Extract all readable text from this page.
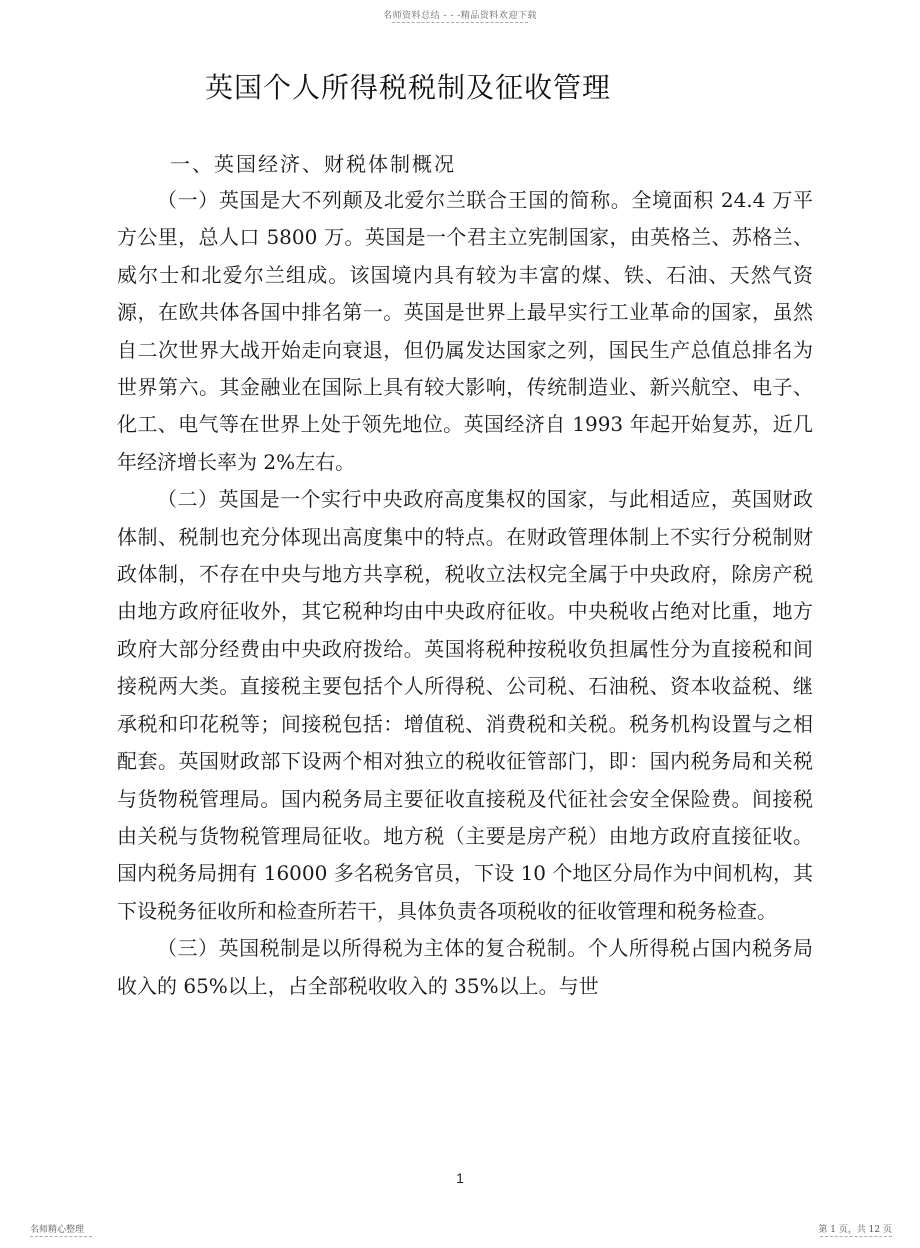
名师资料总结 - - -精品资料欢迎下载
英国个人所得税税制及征收管理
一、英国经济、财税体制概况

（一）英国是大不列颠及北爱尔兰联合王国的简称。全境面积 24.4 万平方公里，总人口 5800 万。英国是一个君主立宪制国家，由英格兰、苏格兰、威尔士和北爱尔兰组成。该国境内具有较为丰富的煤、铁、石油、天然气资源，在欧共体各国中排名第一。英国是世界上最早实行工业革命的国家，虽然自二次世界大战开始走向衰退，但仍属发达国家之列，国民生产总值总排名为世界第六。其金融业在国际上具有较大影响，传统制造业、新兴航空、电子、化工、电气等在世界上处于领先地位。英国经济自 1993 年起开始复苏，近几年经济增长率为 2%左右。

（二）英国是一个实行中央政府高度集权的国家，与此相适应，英国财政体制、税制也充分体现出高度集中的特点。在财政管理体制上不实行分税制财政体制，不存在中央与地方共享税，税收立法权完全属于中央政府，除房产税由地方政府征收外，其它税种均由中央政府征收。中央税收占绝对比重，地方政府大部分经费由中央政府拨给。英国将税种按税收负担属性分为直接税和间接税两大类。直接税主要包括个人所得税、公司税、石油税、资本收益税、继承税和印花税等；间接税包括：增值税、消费税和关税。税务机构设置与之相配套。英国财政部下设两个相对独立的税收征管部门，即：国内税务局和关税与货物税管理局。国内税务局主要征收直接税及代征社会安全保险费。间接税由关税与货物税管理局征收。地方税（主要是房产税）由地方政府直接征收。国内税务局拥有 16000 多名税务官员，下设 10 个地区分局作为中间机构，其下设税务征收所和检查所若干，具体负责各项税收的征收管理和税务检查。

（三）英国税制是以所得税为主体的复合税制。个人所得税占国内税务局收入的 65%以上，占全部税收收入的 35%以上。与世

1
名师精心整理	第 1 页，共 12 页
